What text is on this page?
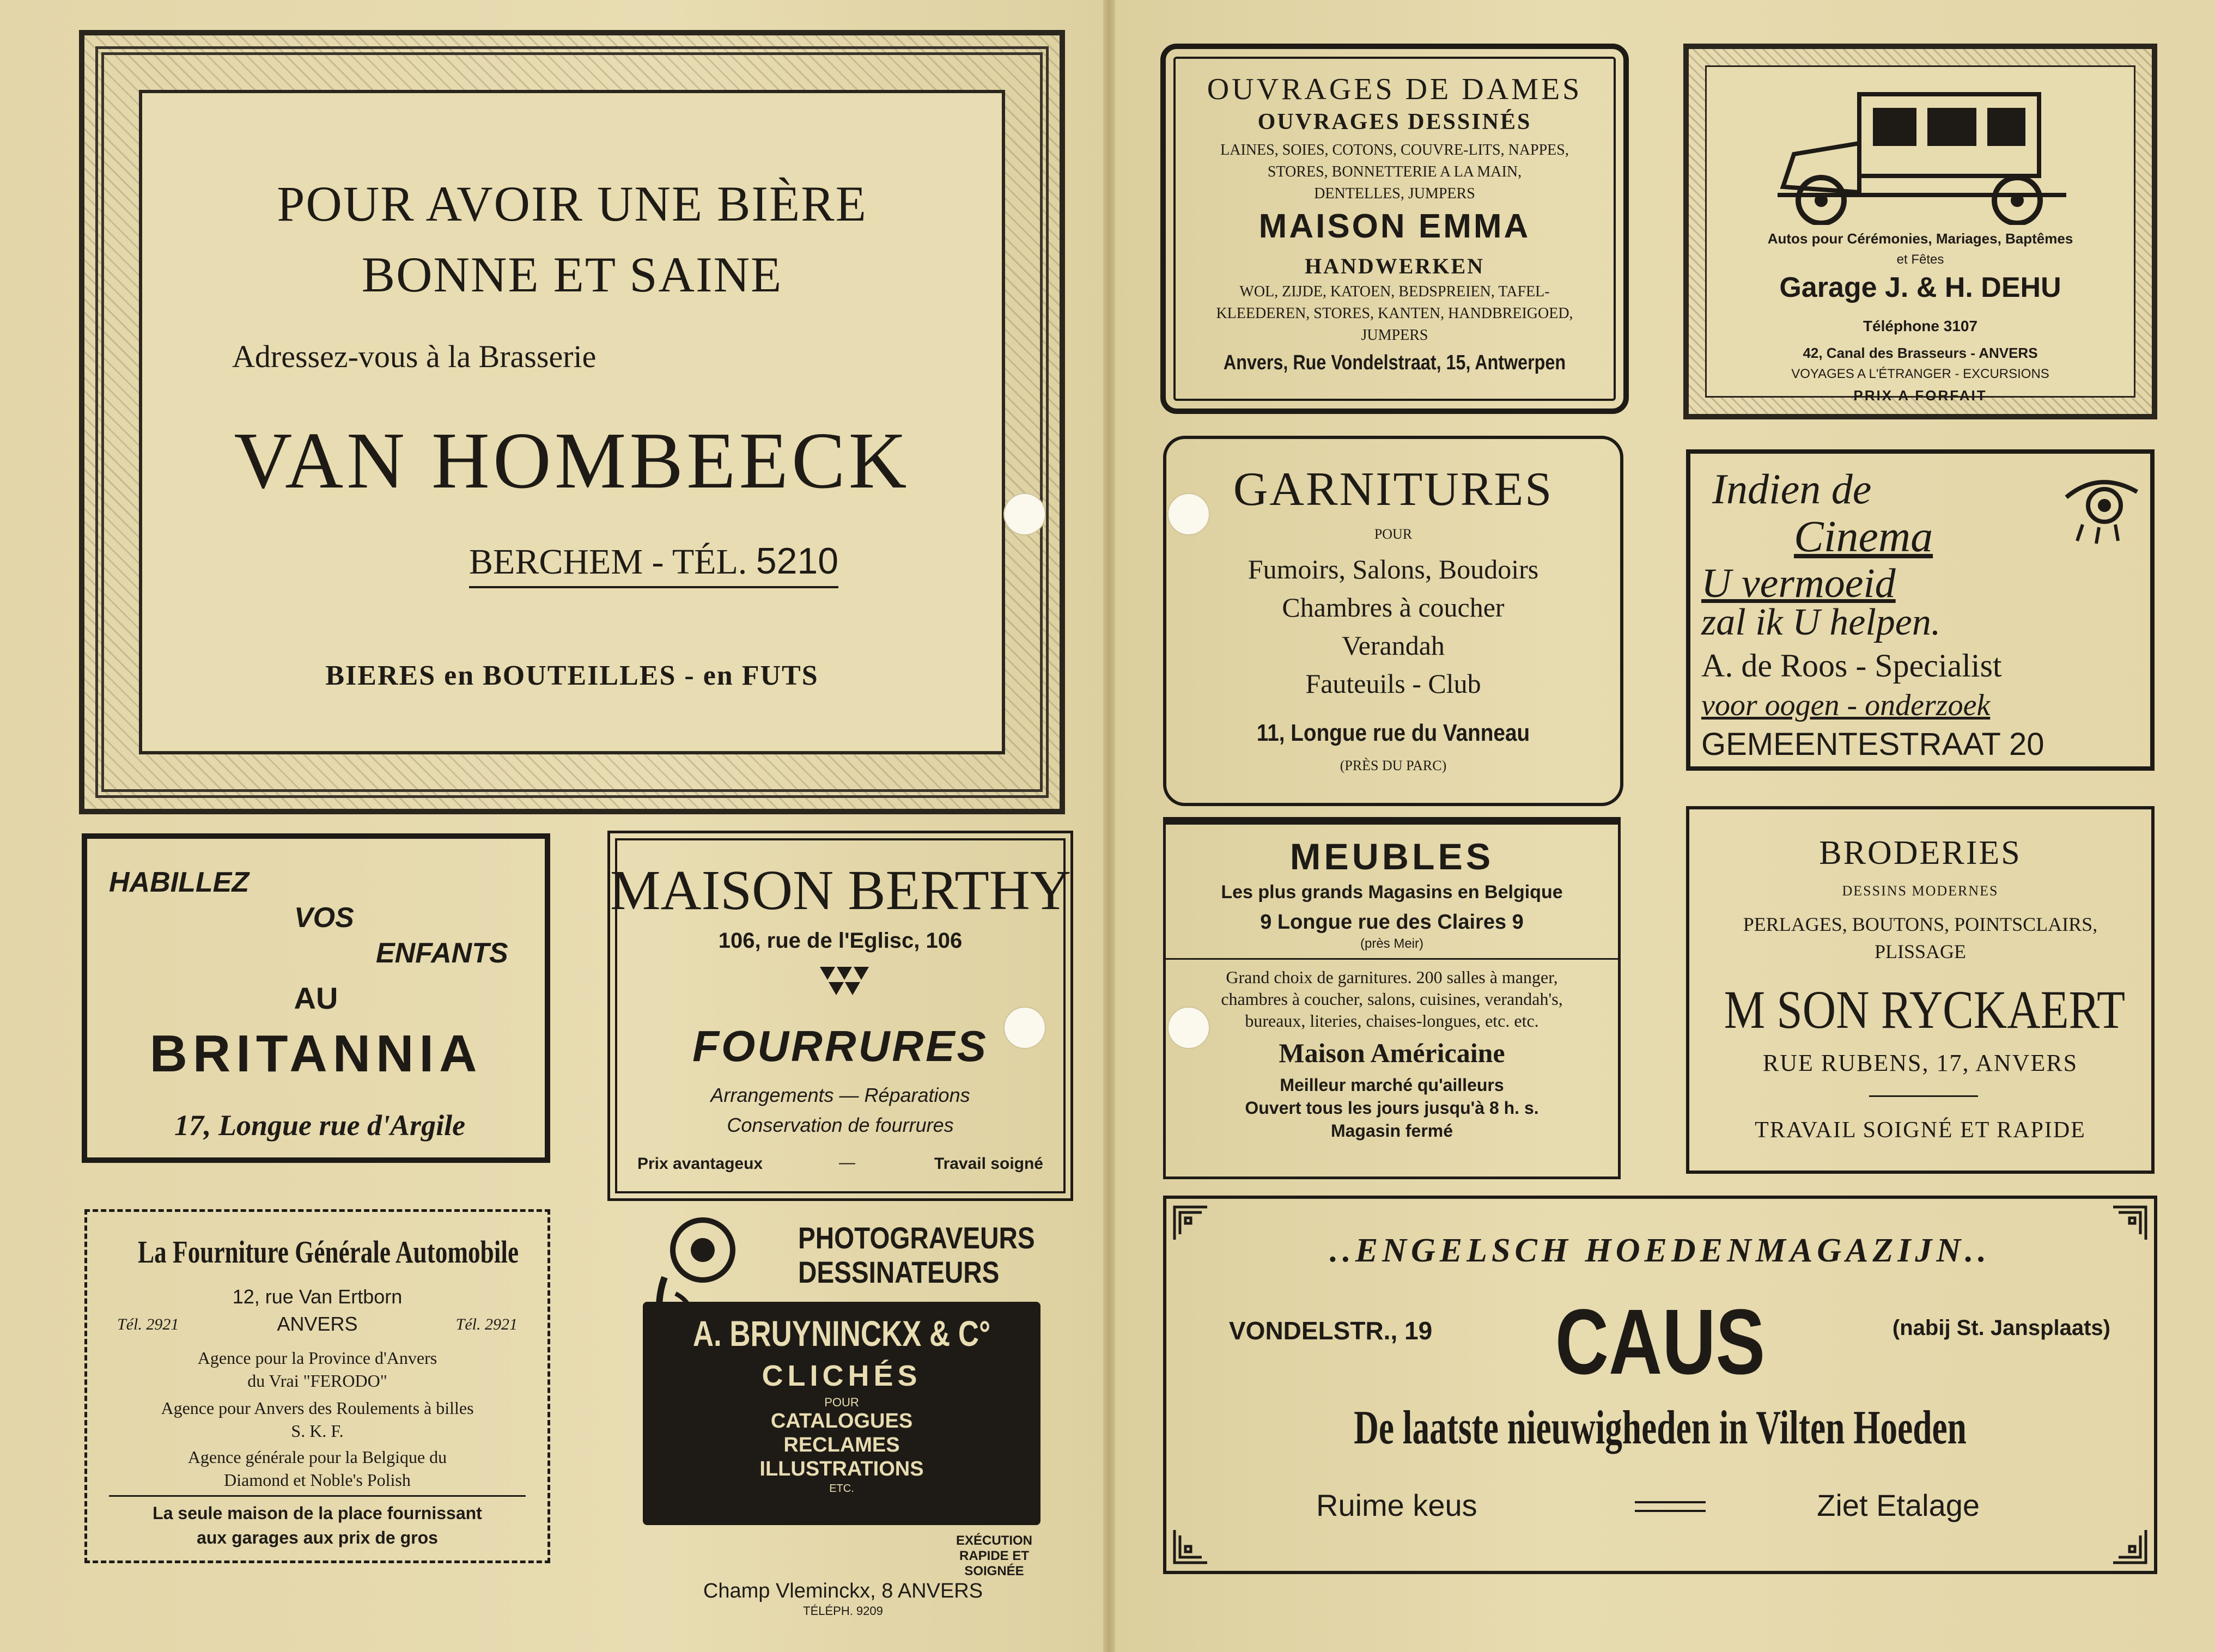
POUR AVOIR UNE BIÈRE
BONNE ET SAINE
Adressez-vous à la Brasserie
VAN HOMBEECK
BERCHEM - TÉL. 5210
BIERES en BOUTEILLES - en FUTS
HABILLEZ
VOS
ENFANTS
AU
BRITANNIA
17, Longue rue d'Argile
MAISON BERTHY
106, rue de l'Eglisc, 106
FOURRURES
Arrangements — Réparations
Conservation de fourrures
Prix avantageux	—	Travail soigné
La Fourniture Générale Automobile
12, rue Van Ertborn
Tél. 2921	ANVERS	Tél. 2921
Agence pour la Province d'Anvers
du Vrai "FERODO"
Agence pour Anvers des Roulements à billes
S. K. F.
Agence générale pour la Belgique du
Diamond et Noble's Polish
La seule maison de la place fournissant
aux garages aux prix de gros
PHOTOGRAVEURS
DESSINATEURS
A. BRUYNINCKX & C°
CLICHÉS
POUR
CATALOGUES
RECLAMES
ILLUSTRATIONS
ETC.
EXÉCUTION
RAPIDE ET
SOIGNÉE
Champ Vleminckx, 8 ANVERS
TÉLÉPH. 9209
OUVRAGES DE DAMES
OUVRAGES DESSINÉS
LAINES, SOIES, COTONS, COUVRE-LITS, NAPPES,
STORES, BONNETTERIE A LA MAIN,
DENTELLES, JUMPERS
MAISON EMMA
HANDWERKEN
WOL, ZIJDE, KATOEN, BEDSPREIEN, TAFEL-
KLEEDEREN, STORES, KANTEN, HANDBREIGOED,
JUMPERS
Anvers, Rue Vondelstraat, 15, Antwerpen
Autos pour Cérémonies, Mariages, Baptêmes
et Fêtes
Garage J. & H. DEHU
Téléphone 3107
42, Canal des Brasseurs - ANVERS
VOYAGES A L'ÉTRANGER - EXCURSIONS
PRIX A FORFAIT
GARNITURES
POUR
Fumoirs, Salons, Boudoirs
Chambres à coucher
Verandah
Fauteuils - Club
11, Longue rue du Vanneau
(PRÈS DU PARC)
Indien de
Cinema
U vermoeid
zal ik U helpen.
A. de Roos - Specialist
voor oogen - onderzoek
GEMEENTESTRAAT 20
MEUBLES
Les plus grands Magasins en Belgique
9 Longue rue des Claires 9
(près Meir)
Grand choix de garnitures. 200 salles à manger,
chambres à coucher, salons, cuisines, verandah's,
bureaux, literies, chaises-longues, etc. etc.
Maison Américaine
Meilleur marché qu'ailleurs
Ouvert tous les jours jusqu'à 8 h. s.
Magasin fermé
BRODERIES
DESSINS MODERNES
PERLAGES, BOUTONS, POINTSCLAIRS,
PLISSAGE
M SON RYCKAERT
RUE RUBENS, 17, ANVERS
TRAVAIL SOIGNÉ ET RAPIDE
..ENGELSCH HOEDENMAGAZIJN..
VONDELSTR., 19	CAUS	(nabij St. Jansplaats)
De laatste nieuwigheden in Vilten Hoeden
Ruime keus	Ziet Etalage
